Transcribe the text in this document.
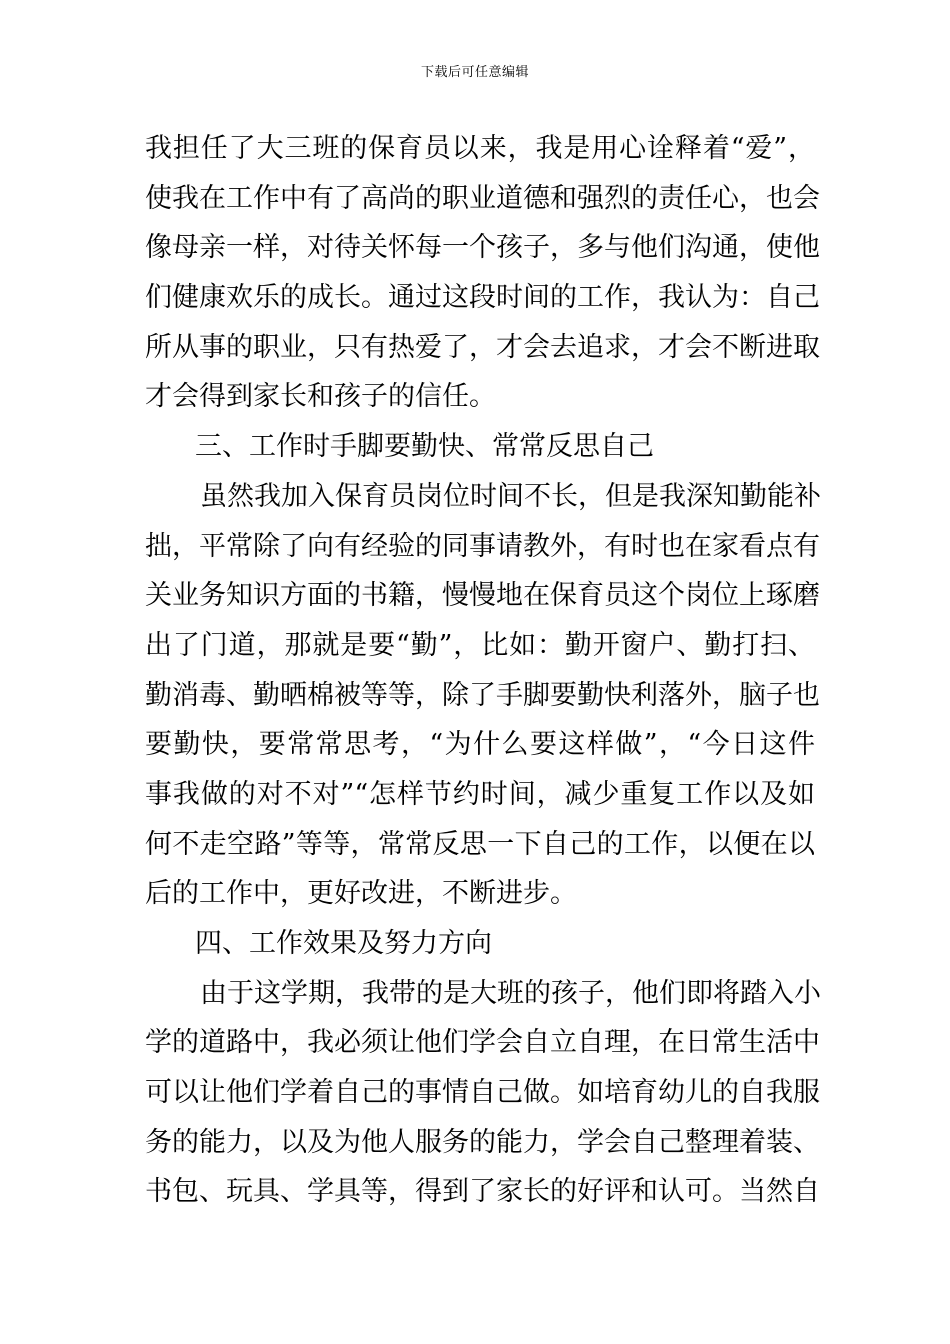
下载后可任意编辑
我担任了大三班的保育员以来，我是用心诠释着“爱”，
使我在工作中有了高尚的职业道德和强烈的责任心，也会
像母亲一样，对待关怀每一个孩子，多与他们沟通，使他
们健康欢乐的成长。通过这段时间的工作，我认为：自己
所从事的职业，只有热爱了，才会去追求，才会不断进取
才会得到家长和孩子的信任。
三、工作时手脚要勤快、常常反思自己
虽然我加入保育员岗位时间不长，但是我深知勤能补
拙，平常除了向有经验的同事请教外，有时也在家看点有
关业务知识方面的书籍，慢慢地在保育员这个岗位上琢磨
出了门道，那就是要“勤”，比如：勤开窗户、勤打扫、
勤消毒、勤晒棉被等等，除了手脚要勤快利落外，脑子也
要勤快，要常常思考，“为什么要这样做”，“今日这件
事我做的对不对”“怎样节约时间，减少重复工作以及如
何不走空路”等等，常常反思一下自己的工作，以便在以
后的工作中，更好改进，不断进步。
四、工作效果及努力方向
由于这学期，我带的是大班的孩子，他们即将踏入小
学的道路中，我必须让他们学会自立自理，在日常生活中
可以让他们学着自己的事情自己做。如培育幼儿的自我服
务的能力，以及为他人服务的能力，学会自己整理着装、
书包、玩具、学具等，得到了家长的好评和认可。当然自
